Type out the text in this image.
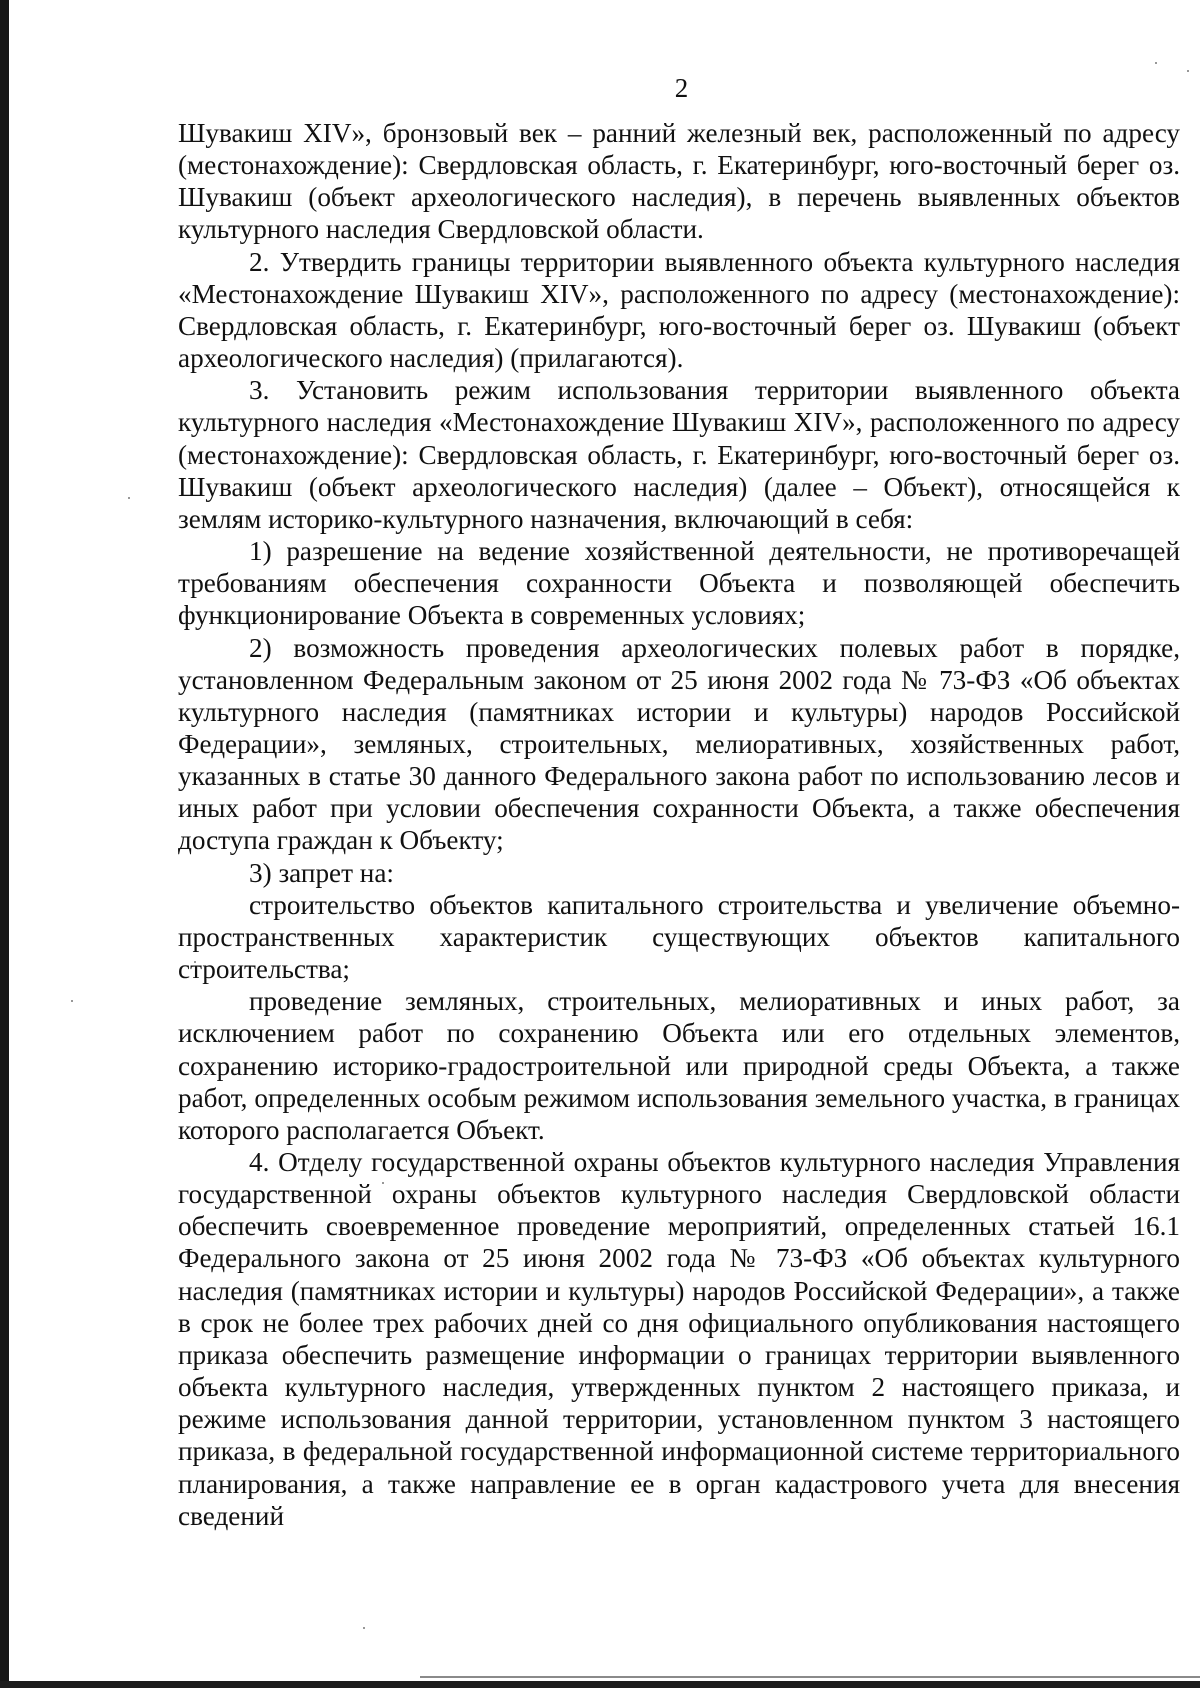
2

Шувакиш XIV», бронзовый век – ранний железный век, расположенный по адресу (местонахождение): Свердловская область, г. Екатеринбург, юго-восточный берег оз. Шувакиш (объект археологического наследия), в перечень выявленных объектов культурного наследия Свердловской области.

2. Утвердить границы территории выявленного объекта культурного наследия «Местонахождение Шувакиш XIV», расположенного по адресу (местонахождение): Свердловская область, г. Екатеринбург, юго-восточный берег оз. Шувакиш (объект археологического наследия) (прилагаются).

3. Установить режим использования территории выявленного объекта культурного наследия «Местонахождение Шувакиш XIV», расположенного по адресу (местонахождение): Свердловская область, г. Екатеринбург, юго-восточный берег оз. Шувакиш (объект археологического наследия) (далее – Объект), относящейся к землям историко-культурного назначения, включающий в себя:

1) разрешение на ведение хозяйственной деятельности, не противоречащей требованиям обеспечения сохранности Объекта и позволяющей обеспечить функционирование Объекта в современных условиях;

2) возможность проведения археологических полевых работ в порядке, установленном Федеральным законом от 25 июня 2002 года № 73-ФЗ «Об объектах культурного наследия (памятниках истории и культуры) народов Российской Федерации», земляных, строительных, мелиоративных, хозяйственных работ, указанных в статье 30 данного Федерального закона работ по использованию лесов и иных работ при условии обеспечения сохранности Объекта, а также обеспечения доступа граждан к Объекту;

3) запрет на:

строительство объектов капитального строительства и увеличение объемно-пространственных характеристик существующих объектов капитального строительства;

проведение земляных, строительных, мелиоративных и иных работ, за исключением работ по сохранению Объекта или его отдельных элементов, сохранению историко-градостроительной или природной среды Объекта, а также работ, определенных особым режимом использования земельного участка, в границах которого располагается Объект.

4. Отделу государственной охраны объектов культурного наследия Управления государственной охраны объектов культурного наследия Свердловской области обеспечить своевременное проведение мероприятий, определенных статьей 16.1 Федерального закона от 25 июня 2002 года № 73-ФЗ «Об объектах культурного наследия (памятниках истории и культуры) народов Российской Федерации», а также в срок не более трех рабочих дней со дня официального опубликования настоящего приказа обеспечить размещение информации о границах территории выявленного объекта культурного наследия, утвержденных пунктом 2 настоящего приказа, и режиме использования данной территории, установленном пунктом 3 настоящего приказа, в федеральной государственной информационной системе территориального планирования, а также направление ее в орган кадастрового учета для внесения сведений
